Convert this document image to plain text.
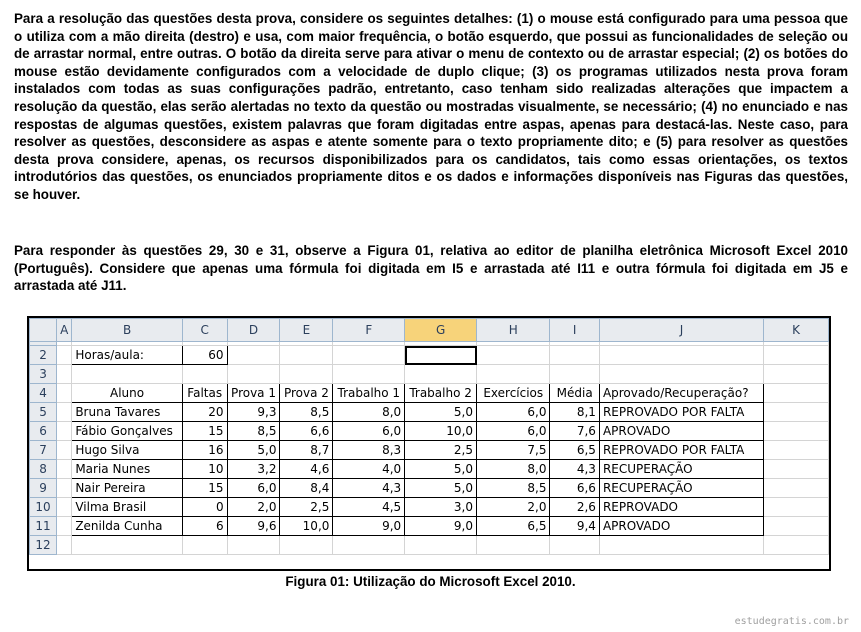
Para a resolução das questões desta prova, considere os seguintes detalhes: (1) o mouse está configurado para uma pessoa que o utiliza com a mão direita (destro) e usa, com maior frequência, o botão esquerdo, que possui as funcionalidades de seleção ou de arrastar normal, entre outras. O botão da direita serve para ativar o menu de contexto ou de arrastar especial; (2) os botões do mouse estão devidamente configurados com a velocidade de duplo clique; (3) os programas utilizados nesta prova foram instalados com todas as suas configurações padrão, entretanto, caso tenham sido realizadas alterações que impactem a resolução da questão, elas serão alertadas no texto da questão ou mostradas visualmente, se necessário; (4) no enunciado e nas respostas de algumas questões, existem palavras que foram digitadas entre aspas, apenas para destacá-las. Neste caso, para resolver as questões, desconsidere as aspas e atente somente para o texto propriamente dito; e (5) para resolver as questões desta prova considere, apenas, os recursos disponibilizados para os candidatos, tais como essas orientações, os textos introdutórios das questões, os enunciados propriamente ditos e os dados e informações disponíveis nas Figuras das questões, se houver.

Para responder às questões 29, 30 e 31, observe a Figura 01, relativa ao editor de planilha eletrônica Microsoft Excel 2010 (Português). Considere que apenas uma fórmula foi digitada em I5 e arrastada até I11 e outra fórmula foi digitada em J5 e arrastada até J11.

	A	B	C	D	E	F	G	H	I	J	K

2		Horas/aula:	60								
3											
4		Aluno	Faltas	Prova 1	Prova 2	Trabalho 1	Trabalho 2	Exercícios	Média	Aprovado/Recuperação?	
5		Bruna Tavares	20	9,3	8,5	8,0	5,0	6,0	8,1	REPROVADO POR FALTA	
6		Fábio Gonçalves	15	8,5	6,6	6,0	10,0	6,0	7,6	APROVADO	
7		Hugo Silva	16	5,0	8,7	8,3	2,5	7,5	6,5	REPROVADO POR FALTA	
8		Maria Nunes	10	3,2	4,6	4,0	5,0	8,0	4,3	RECUPERAÇÃO	
9		Nair Pereira	15	6,0	8,4	4,3	5,0	8,5	6,6	RECUPERAÇÃO	
10		Vilma Brasil	0	2,0	2,5	4,5	3,0	2,0	2,6	REPROVADO	
11		Zenilda Cunha	6	9,6	10,0	9,0	9,0	6,5	9,4	APROVADO	
12											
Figura 01: Utilização do Microsoft Excel 2010.
estudegratis.com.br
